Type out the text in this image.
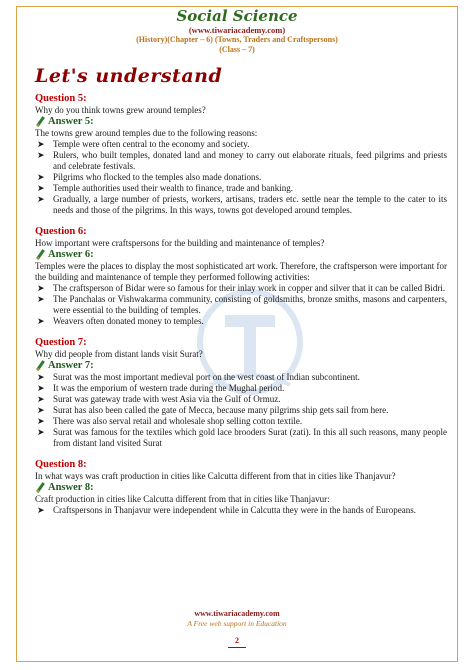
Social Science
(www.tiwariacademy.com)
(History)(Chapter – 6) (Towns, Traders and Craftspersons)
(Class – 7)
Let's understand
Question 5:
Why do you think towns grew around temples?
Answer 5:
The towns grew around temples due to the following reasons:
➤ Temple were often central to the economy and society.
➤ Rulers, who built temples, donated land and money to carry out elaborate rituals, feed pilgrims and priests and celebrate festivals.
➤ Pilgrims who flocked to the temples also made donations.
➤ Temple authorities used their wealth to finance, trade and banking.
➤ Gradually, a large number of priests, workers, artisans, traders etc. settle near the temple to the cater to its needs and those of the pilgrims. In this ways, towns got developed around temples.
Question 6:
How important were craftspersons for the building and maintenance of temples?
Answer 6:
Temples were the places to display the most sophisticated art work. Therefore, the craftsperson were important for the building and maintenance of temple they performed following activities:
➤ The craftsperson of Bidar were so famous for their inlay work in copper and silver that it can be called Bidri.
➤ The Panchalas or Vishwakarma community, consisting of goldsmiths, bronze smiths, masons and carpenters, were essential to the building of temples.
➤ Weavers often donated money to temples.
Question 7:
Why did people from distant lands visit Surat?
Answer 7:
➤ Surat was the most important medieval port on the west coast of Indian subcontinent.
➤ It was the emporium of western trade during the Mughal period.
➤ Surat was gateway trade with west Asia via the Gulf of Ormuz.
➤ Surat has also been called the gate of Mecca, because many pilgrims ship gets sail from here.
➤ There was also serval retail and wholesale shop selling cotton textile.
➤ Surat was famous for the textiles which gold lace brooders Surat (zati). In this all such reasons, many people from distant land visited Surat
Question 8:
In what ways was craft production in cities like Calcutta different from that in cities like Thanjavur?
Answer 8:
Craft production in cities like Calcutta different from that in cities like Thanjavur:
➤ Craftspersons in Thanjavur were independent while in Calcutta they were in the hands of Europeans.
www.tiwariacademy.com
A Free web support in Education
2
